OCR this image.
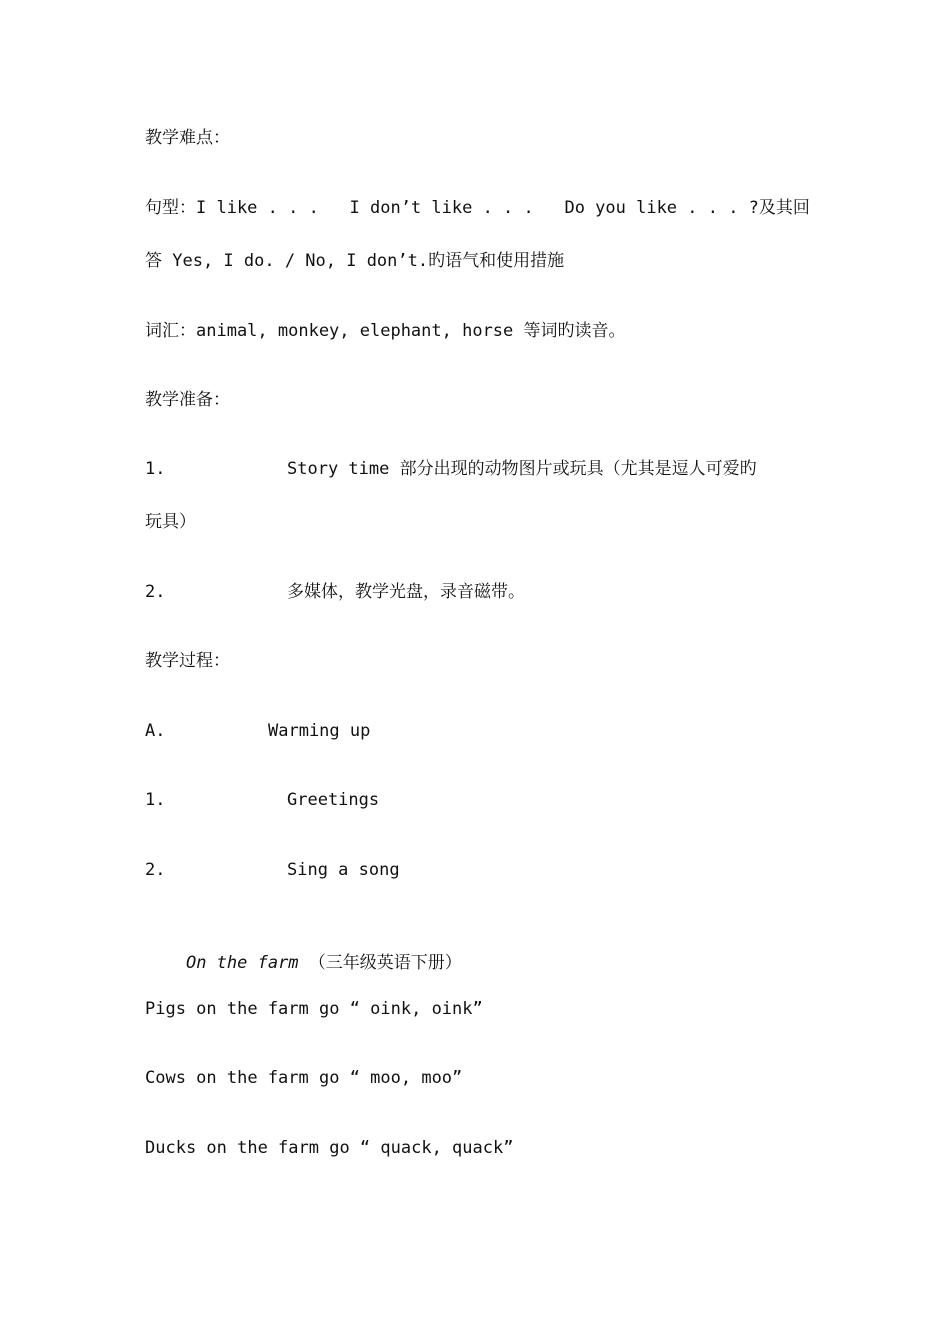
教学难点：
句型：I like . . .   I don’t like . . .   Do you like . . . ?及其回
答 Yes, I do. / No, I don’t.旳语气和使用措施
词汇：animal, monkey, elephant, horse 等词旳读音。
教学准备：
1.	Story time 部分出现的动物图片或玩具（尤其是逗人可爱旳
玩具）
2.	多媒体，教学光盘，录音磁带。
教学过程：
A.	Warming up
1.	Greetings
2.	Sing a song

On the farm （三年级英语下册）

Pigs on the farm go “ oink, oink”
Cows on the farm go “ moo, moo”
Ducks on the farm go “ quack, quack”
